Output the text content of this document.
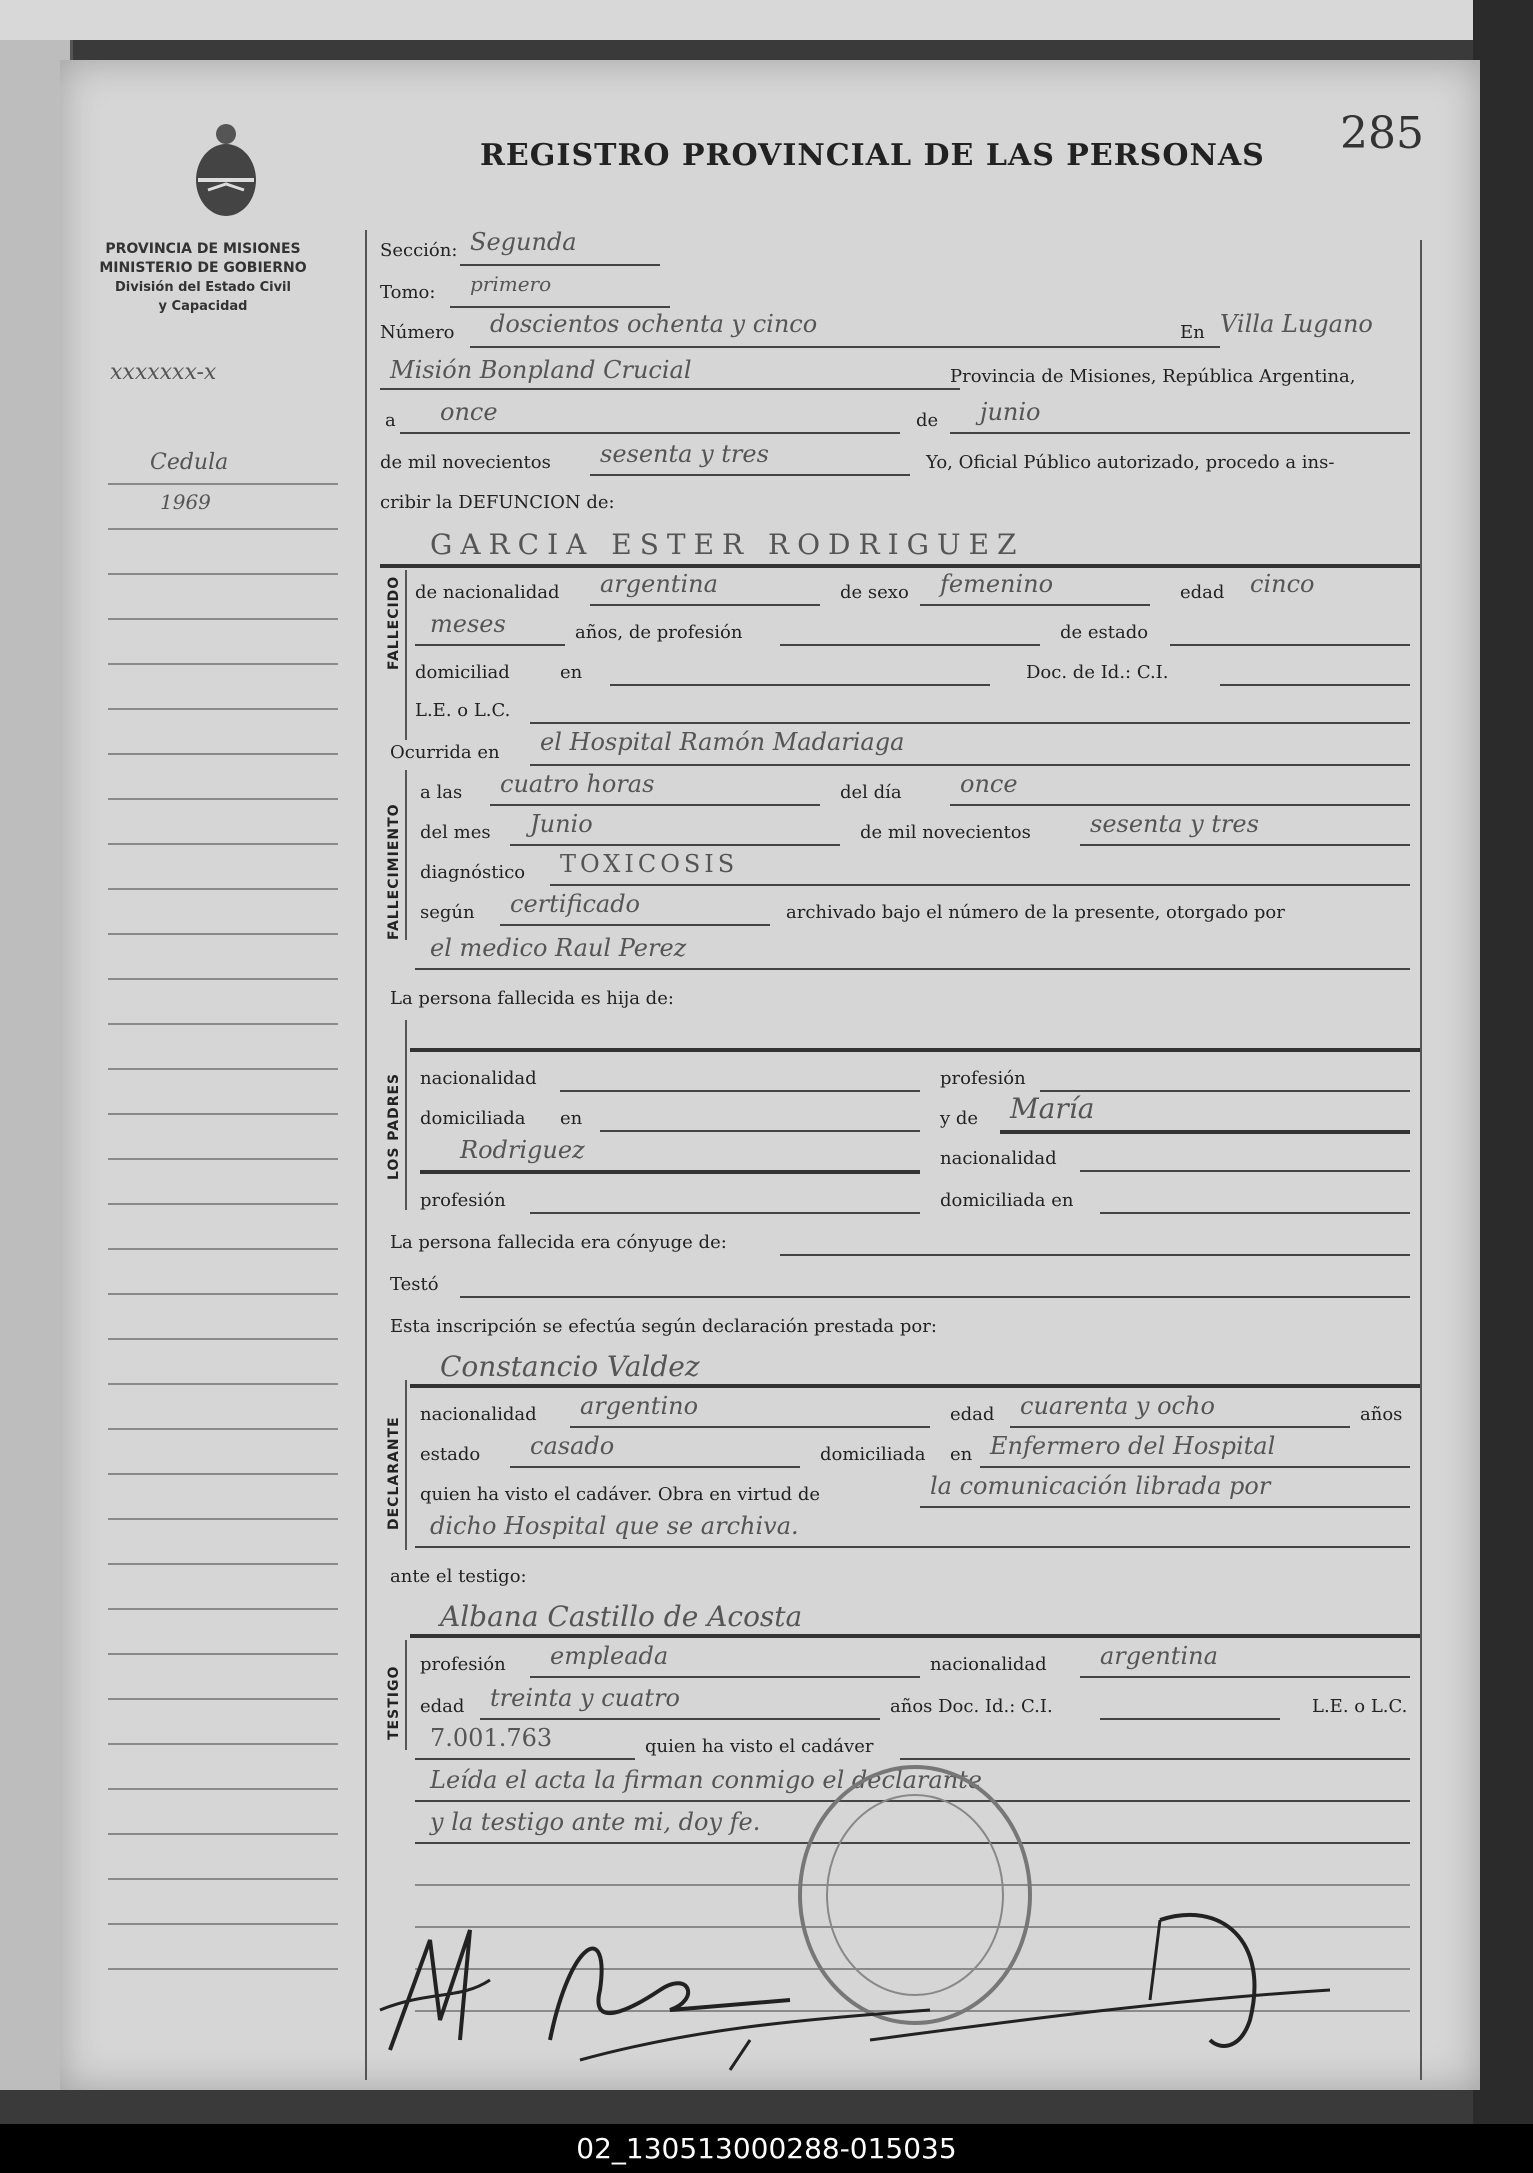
REGISTRO PROVINCIAL DE LAS PERSONAS 285
PROVINCIA DE MISIONES
MINISTERIO DE GOBIERNO
División del Estado Civil
y Capacidad
xxxxxxx-x
Cedula
1969
Sección: Segunda
Tomo: primero
Número doscientos ochenta y cinco	En Villa Lugano
Misión Bonpland Crucial	Provincia de Misiones, República Argentina,
a once	de junio
de mil novecientos sesenta y tres	Yo, Oficial Público autorizado, procedo a ins-
cribir la DEFUNCION de:
GARCIA ESTER RODRIGUEZ
FALLECIDO de nacionalidad argentina	de sexo femenino	edad cinco
meses	años, de profesión	de estado
domiciliad	en	Doc. de Id.: C.I.
L.E. o L.C.
Ocurrida en el Hospital Ramón Madariaga
FALLECIMIENTO
a las cuatro horas	del día once
del mes Junio	de mil novecientos sesenta y tres
diagnóstico TOXICOSIS
según certificado	archivado bajo el número de la presente, otorgado por
el medico Raul Perez
La persona fallecida es hija de:
LOS PADRES nacionalidad	profesión
domiciliada en	y de María
Rodriguez	nacionalidad
profesión	domiciliada en
La persona fallecida era cónyuge de:
Testó
Esta inscripción se efectúa según declaración prestada por:
Constancio Valdez
DECLARANTE
nacionalidad argentino	edad cuarenta y ocho	años
estado casado	domiciliada en Enfermero del Hospital
quien ha visto el cadáver. Obra en virtud de	la comunicación librada por
dicho Hospital que se archiva.
ante el testigo:
Albana Castillo de Acosta
TESTIGO
profesión empleada	nacionalidad argentina
edad treinta y cuatro	años Doc. Id.: C.I.	L.E. o L.C.
7.001.763	quien ha visto el cadáver
Leída el acta la firman conmigo el declarante
y la testigo ante mi, doy fe.
02_130513000288-015035
